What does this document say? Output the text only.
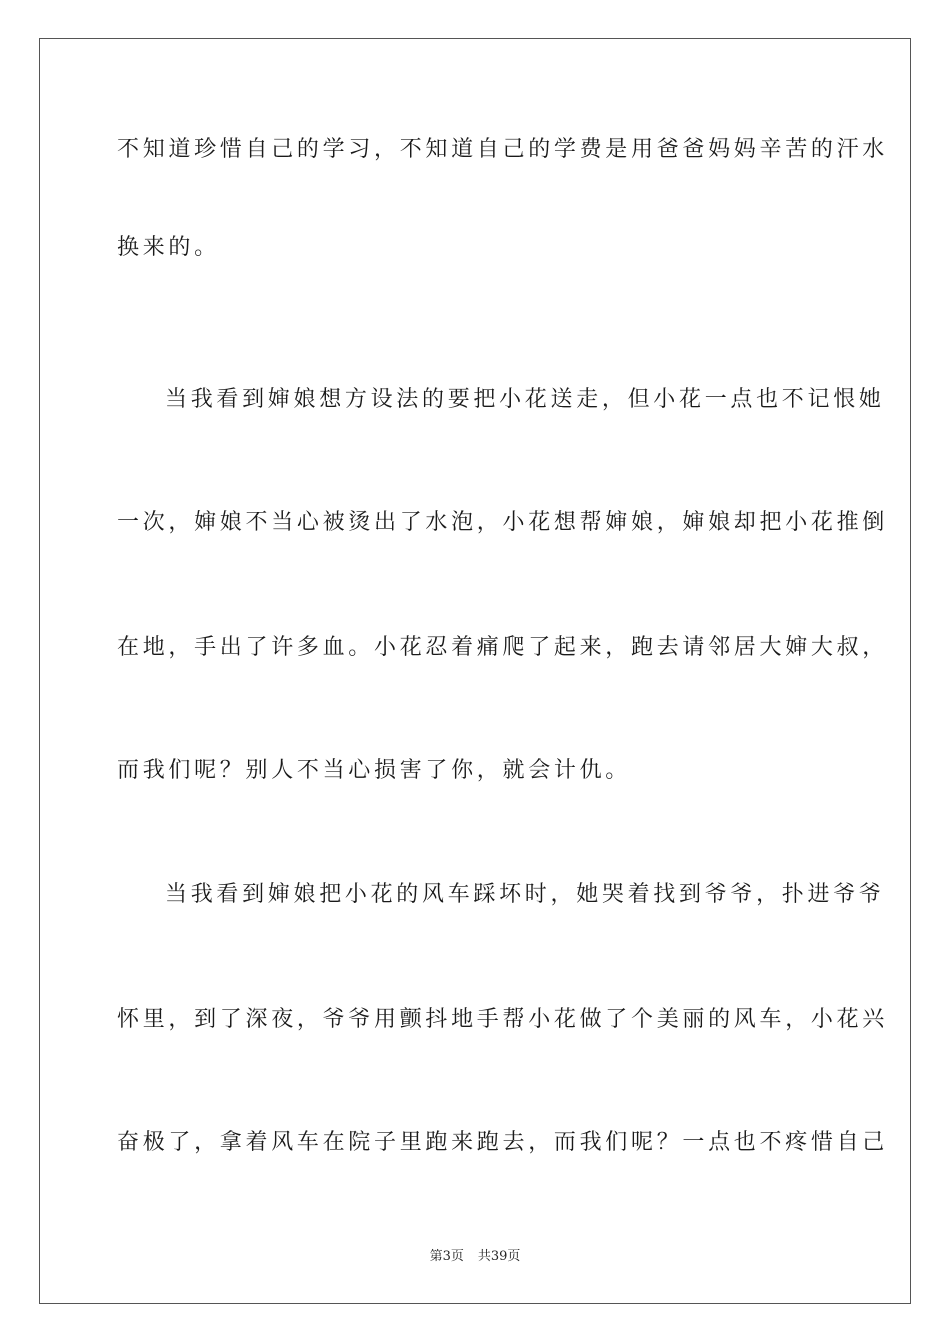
不知道珍惜自己的学习，不知道自己的学费是用爸爸妈妈辛苦的汗水
换来的。
当我看到婶娘想方设法的要把小花送走，但小花一点也不记恨她
一次，婶娘不当心被烫出了水泡，小花想帮婶娘，婶娘却把小花推倒
在地，手出了许多血。小花忍着痛爬了起来，跑去请邻居大婶大叔，
而我们呢？别人不当心损害了你，就会计仇。
当我看到婶娘把小花的风车踩坏时，她哭着找到爷爷，扑进爷爷
怀里，到了深夜，爷爷用颤抖地手帮小花做了个美丽的风车，小花兴
奋极了，拿着风车在院子里跑来跑去，而我们呢？一点也不疼惜自己
第3页 共39页
